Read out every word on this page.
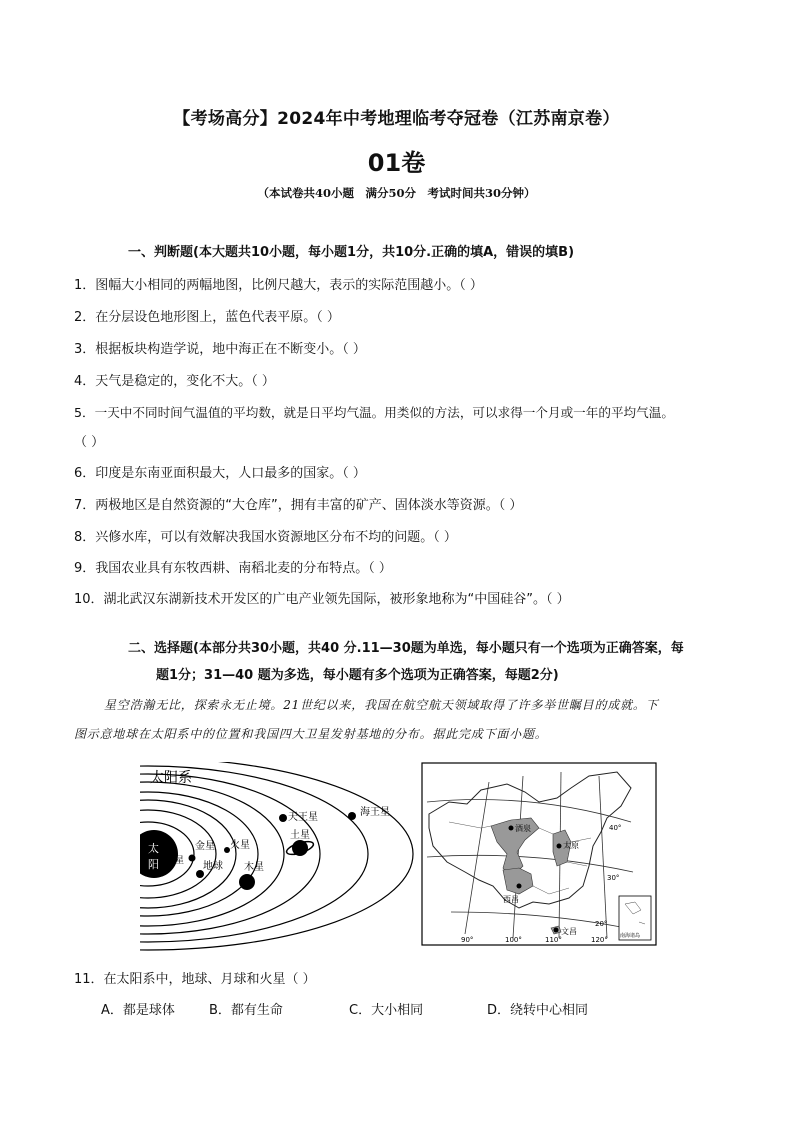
【考场高分】2024年中考地理临考夺冠卷（江苏南京卷）
01卷
（本试卷共40小题　满分50分　考试时间共30分钟）
一、判断题(本大题共10小题，每小题1分，共10分.正确的填A，错误的填B)
1．图幅大小相同的两幅地图，比例尺越大，表示的实际范围越小。（ ）
2．在分层设色地形图上，蓝色代表平原。（ ）
3．根据板块构造学说，地中海正在不断变小。（ ）
4．天气是稳定的，变化不大。（ ）
5．一天中不同时间气温值的平均数，就是日平均气温。用类似的方法，可以求得一个月或一年的平均气温。
（ ）
6．印度是东南亚面积最大，人口最多的国家。（ ）
7．两极地区是自然资源的“大仓库”，拥有丰富的矿产、固体淡水等资源。（ ）
8．兴修水库，可以有效解决我国水资源地区分布不均的问题。（ ）
9．我国农业具有东牧西耕、南稻北麦的分布特点。（ ）
10．湖北武汉东湖新技术开发区的广电产业领先国际，被形象地称为“中国硅谷”。（ ）
二、选择题(本部分共30小题，共40 分.11—30题为单选，每小题只有一个选项为正确答案，每
题1分；31—40 题为多选，每小题有多个选项为正确答案，每题2分)
星空浩瀚无比，探索永无止境。21世纪以来，我国在航空航天领域取得了许多举世瞩目的成就。下
图示意地球在太阳系中的位置和我国四大卫星发射基地的分布。据此完成下面小题。
太阳系
太
阳 水星
金星
地球
火星
木星
土星
天王星	海王星
酒泉
太原
西昌
文昌
40°
30°
20°
90°	100°	110°	120° 南海诸岛
11．在太阳系中，地球、月球和火星（ ）
A．都是球体	B．都有生命	C．大小相同	D．绕转中心相同
